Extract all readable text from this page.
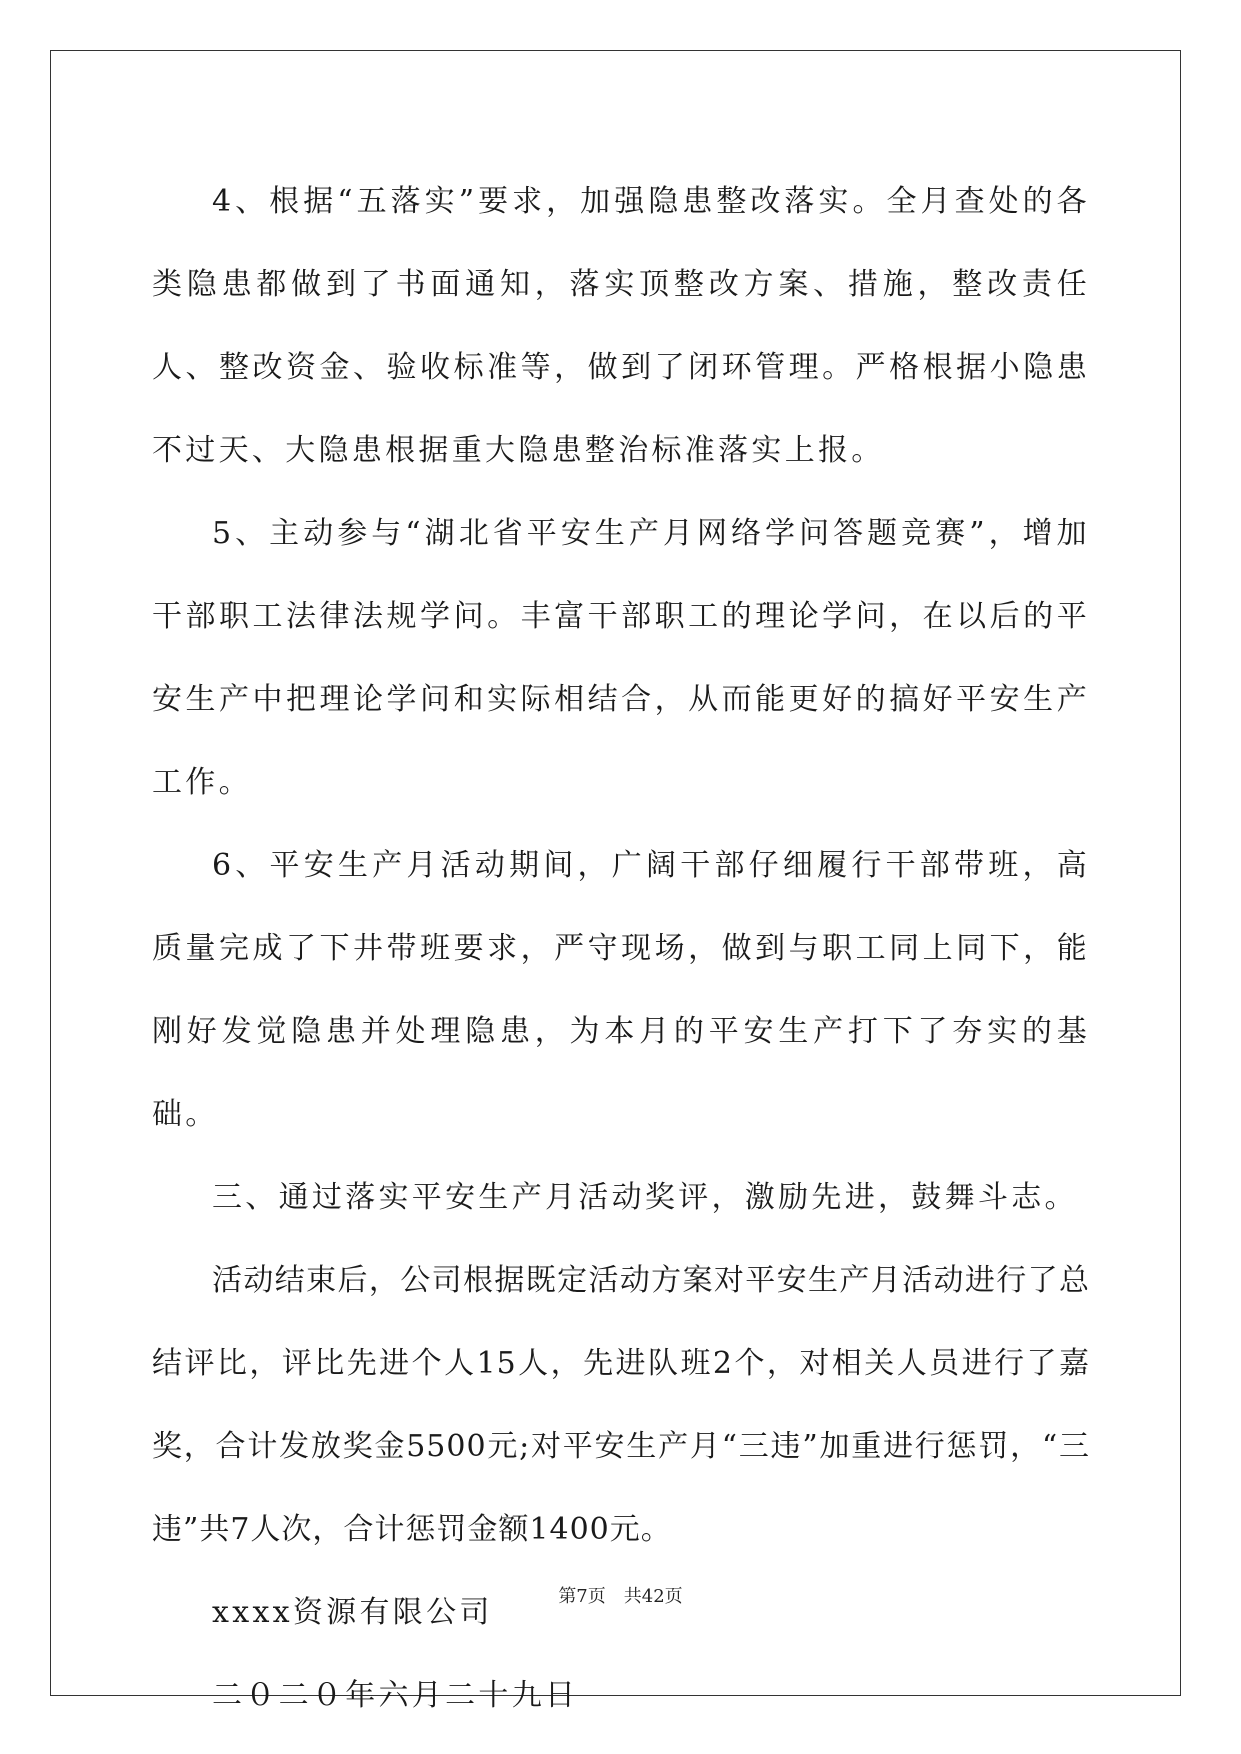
4、根据“五落实”要求，加强隐患整改落实。全月查处的各类隐患都做到了书面通知，落实顶整改方案、措施，整改责任人、整改资金、验收标准等，做到了闭环管理。严格根据小隐患不过天、大隐患根据重大隐患整治标准落实上报。

5、主动参与“湖北省平安生产月网络学问答题竞赛”，增加干部职工法律法规学问。丰富干部职工的理论学问，在以后的平安生产中把理论学问和实际相结合，从而能更好的搞好平安生产工作。

6、平安生产月活动期间，广阔干部仔细履行干部带班，高质量完成了下井带班要求，严守现场，做到与职工同上同下，能刚好发觉隐患并处理隐患，为本月的平安生产打下了夯实的基础。

三、通过落实平安生产月活动奖评，激励先进，鼓舞斗志。

活动结束后，公司根据既定活动方案对平安生产月活动进行了总结评比，评比先进个人15人，先进队班2个，对相关人员进行了嘉奖，合计发放奖金5500元;对平安生产月“三违”加重进行惩罚，“三违”共7人次，合计惩罚金额1400元。

xxxx资源有限公司

二０二０年六月二十九日

第7页　共42页
